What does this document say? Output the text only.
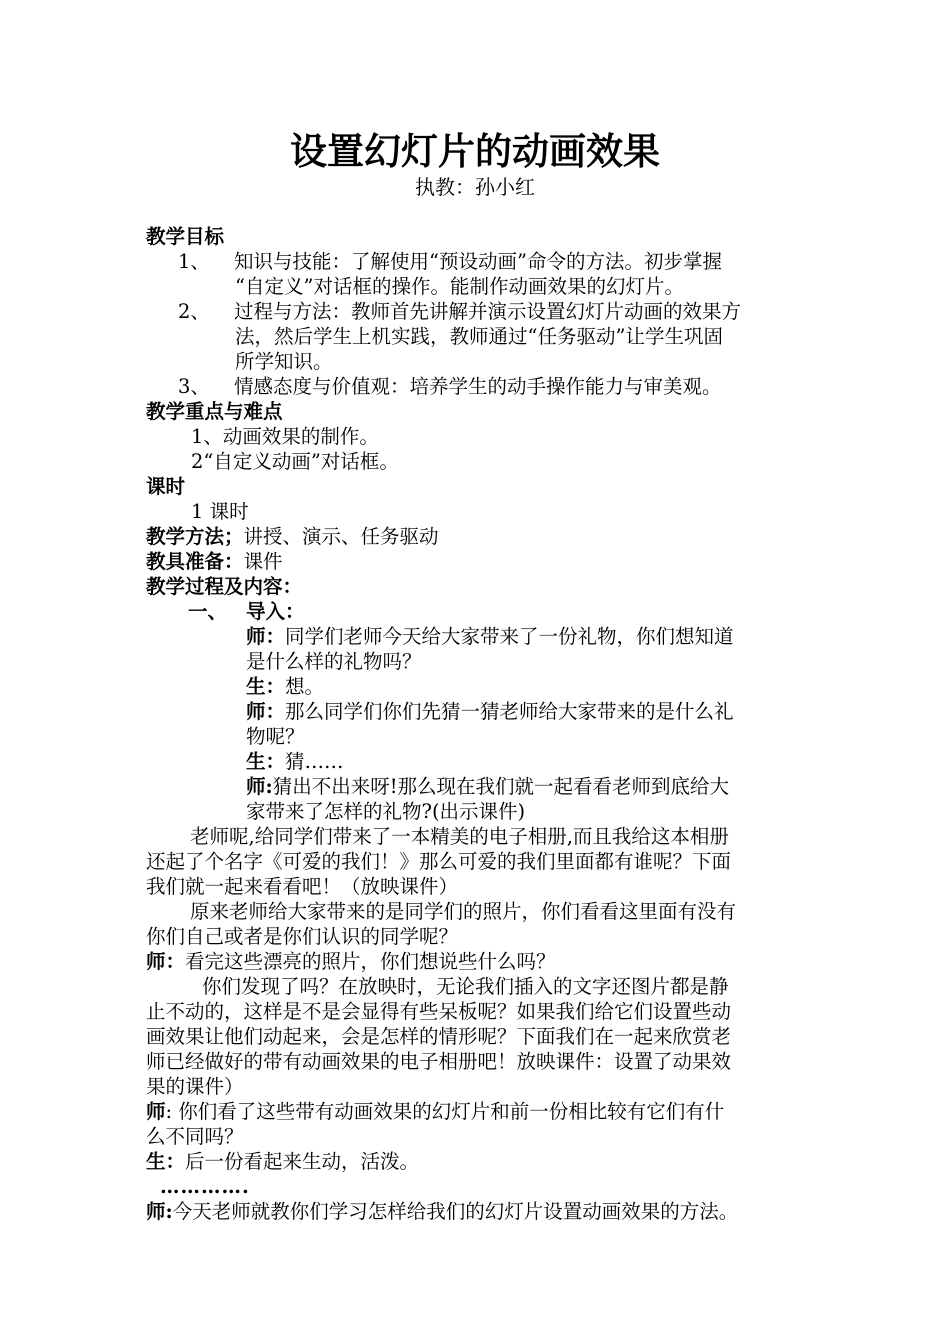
设置幻灯片的动画效果
执教：孙小红
教学目标
1、 知识与技能：了解使用“预设动画”命令的方法。初步掌握
“自定义”对话框的操作。能制作动画效果的幻灯片。
2、 过程与方法：教师首先讲解并演示设置幻灯片动画的效果方
法，然后学生上机实践，教师通过“任务驱动”让学生巩固
所学知识。
3、 情感态度与价值观：培养学生的动手操作能力与审美观。
教学重点与难点
1、动画效果的制作。
2“自定义动画”对话框。
课时
1 课时
教学方法；讲授、演示、任务驱动
教具准备：课件
教学过程及内容：
一、 导入：
师：同学们老师今天给大家带来了一份礼物，你们想知道
是什么样的礼物吗？
生：想。
师：那么同学们你们先猜一猜老师给大家带来的是什么礼
物呢？
生：猜……
师:猜出不出来呀!那么现在我们就一起看看老师到底给大
家带来了怎样的礼物?(出示课件)
老师呢,给同学们带来了一本精美的电子相册,而且我给这本相册
还起了个名字《可爱的我们！》那么可爱的我们里面都有谁呢？下面
我们就一起来看看吧！（放映课件）
原来老师给大家带来的是同学们的照片，你们看看这里面有没有
你们自己或者是你们认识的同学呢？
师：看完这些漂亮的照片，你们想说些什么吗？
你们发现了吗？在放映时，无论我们插入的文字还图片都是静
止不动的，这样是不是会显得有些呆板呢？如果我们给它们设置些动
画效果让他们动起来，会是怎样的情形呢？下面我们在一起来欣赏老
师已经做好的带有动画效果的电子相册吧！放映课件：设置了动果效
果的课件）
师: 你们看了这些带有动画效果的幻灯片和前一份相比较有它们有什
么不同吗？
生：后一份看起来生动，活泼。
………….
师:今天老师就教你们学习怎样给我们的幻灯片设置动画效果的方法。
